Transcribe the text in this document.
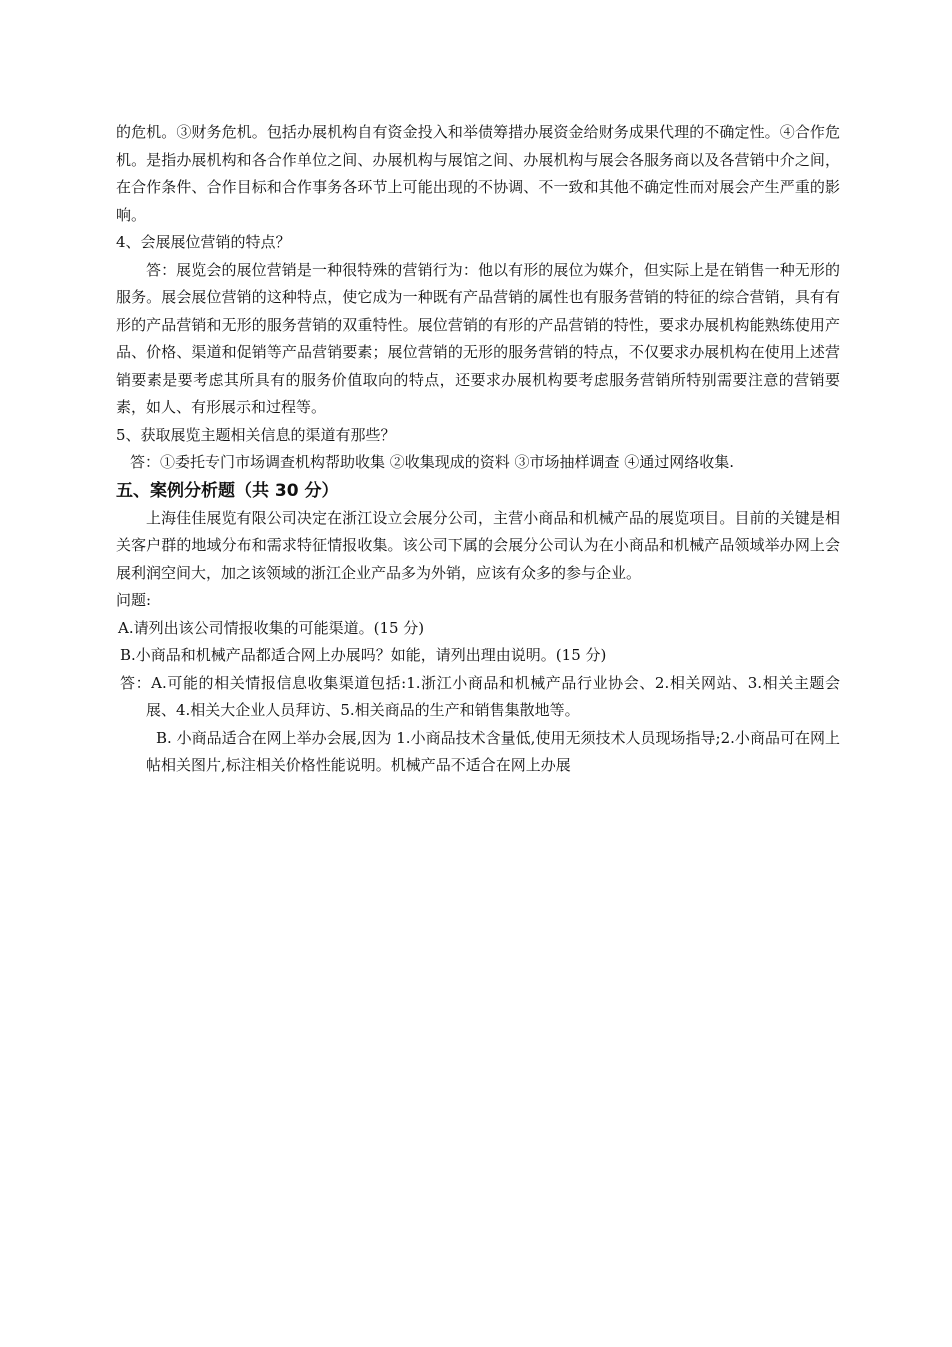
的危机。③财务危机。包括办展机构自有资金投入和举债筹措办展资金给财务成果代理的不确定性。④合作危机。是指办展机构和各合作单位之间、办展机构与展馆之间、办展机构与展会各服务商以及各营销中介之间，在合作条件、合作目标和合作事务各环节上可能出现的不协调、不一致和其他不确定性而对展会产生严重的影响。

4、会展展位营销的特点？

答：展览会的展位营销是一种很特殊的营销行为：他以有形的展位为媒介，但实际上是在销售一种无形的服务。展会展位营销的这种特点，使它成为一种既有产品营销的属性也有服务营销的特征的综合营销，具有有形的产品营销和无形的服务营销的双重特性。展位营销的有形的产品营销的特性，要求办展机构能熟练使用产品、价格、渠道和促销等产品营销要素；展位营销的无形的服务营销的特点，不仅要求办展机构在使用上述营销要素是要考虑其所具有的服务价值取向的特点，还要求办展机构要考虑服务营销所特别需要注意的营销要素，如人、有形展示和过程等。

5、获取展览主题相关信息的渠道有那些？

答：①委托专门市场调查机构帮助收集 ②收集现成的资料 ③市场抽样调查 ④通过网络收集.

五、案例分析题（共 30 分）

上海佳佳展览有限公司决定在浙江设立会展分公司，主营小商品和机械产品的展览项目。目前的关键是相关客户群的地域分布和需求特征情报收集。该公司下属的会展分公司认为在小商品和机械产品领域举办网上会展利润空间大，加之该领域的浙江企业产品多为外销，应该有众多的参与企业。

问题:

A.请列出该公司情报收集的可能渠道。(15 分)

B.小商品和机械产品都适合网上办展吗？如能，请列出理由说明。(15 分)

答：A.可能的相关情报信息收集渠道包括:1.浙江小商品和机械产品行业协会、2.相关网站、3.相关主题会展、4.相关大企业人员拜访、5.相关商品的生产和销售集散地等。

B. 小商品适合在网上举办会展,因为 1.小商品技术含量低,使用无须技术人员现场指导;2.小商品可在网上帖相关图片,标注相关价格性能说明。机械产品不适合在网上办展
